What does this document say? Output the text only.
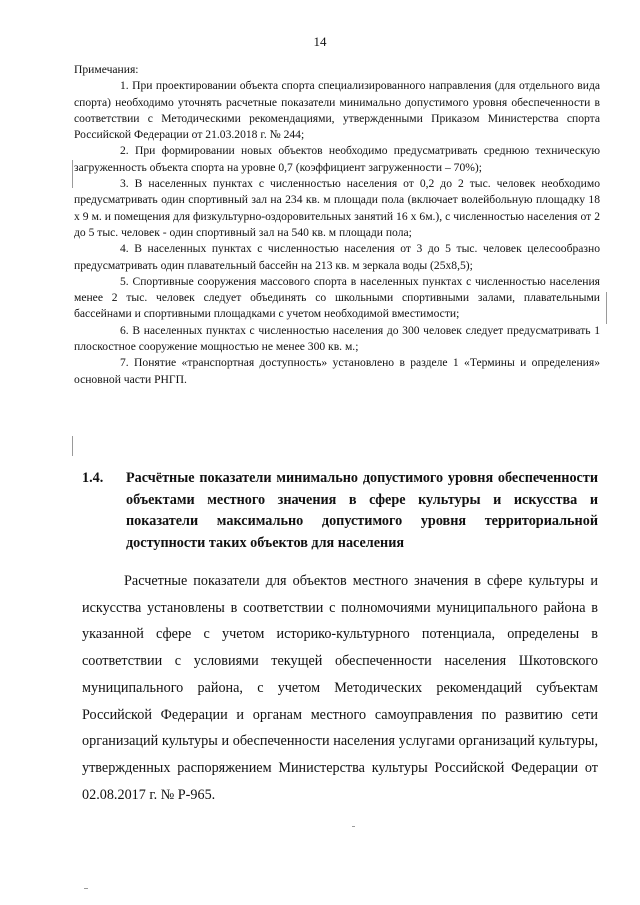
14

Примечания:

1. При проектировании объекта спорта специализированного направления (для отдельного вида спорта) необходимо уточнять расчетные показатели минимально допустимого уровня обеспеченности в соответствии с Методическими рекомендациями, утвержденными Приказом Министерства спорта Российской Федерации от 21.03.2018 г. № 244;

2. При формировании новых объектов необходимо предусматривать среднюю техническую загруженность объекта спорта на уровне 0,7 (коэффициент загруженности – 70%);

3. В населенных пунктах с численностью населения от 0,2 до 2 тыс. человек необходимо предусматривать один спортивный зал на 234 кв. м площади пола (включает волейбольную площадку 18 х 9 м. и помещения для физкультурно-оздоровительных занятий 16 х 6м.), с численностью населения от 2 до 5 тыс. человек - один спортивный зал на 540 кв. м площади пола;

4. В населенных пунктах с численностью населения от 3 до 5 тыс. человек целесообразно предусматривать один плавательный бассейн на 213 кв. м зеркала воды (25х8,5);

5. Спортивные сооружения массового спорта в населенных пунктах с численностью населения менее 2 тыс. человек следует объединять со школьными спортивными залами, плавательными бассейнами и спортивными площадками с учетом необходимой вместимости;

6. В населенных пунктах с численностью населения до 300 человек следует предусматривать 1 плоскостное сооружение мощностью не менее 300 кв. м.;

7. Понятие «транспортная доступность» установлено в разделе 1 «Термины и определения» основной части РНГП.

1.4. Расчётные показатели минимально допустимого уровня обеспеченности объектами местного значения в сфере культуры и искусства и показатели максимально допустимого уровня территориальной доступности таких объектов для населения

Расчетные показатели для объектов местного значения в сфере культуры и искусства установлены в соответствии с полномочиями муниципального района в указанной сфере с учетом историко-культурного потенциала, определены в соответствии с условиями текущей обеспеченности населения Шкотовского муниципального района, с учетом Методических рекомендаций субъектам Российской Федерации и органам местного самоуправления по развитию сети организаций культуры и обеспеченности населения услугами организаций культуры, утвержденных распоряжением Министерства культуры Российской Федерации от 02.08.2017 г. № Р-965.
